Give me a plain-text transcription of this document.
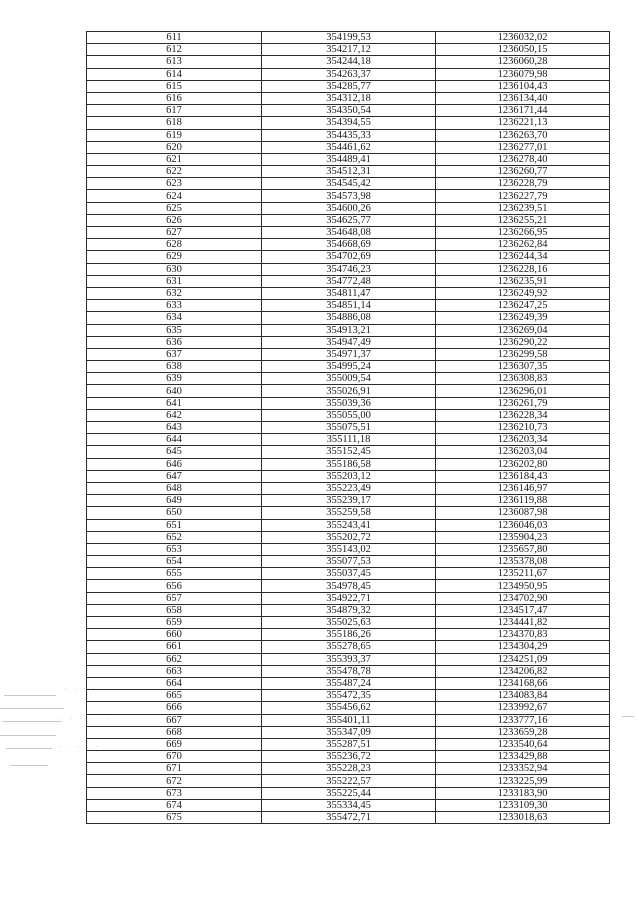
611	354199,53	1236032,02
612	354217,12	1236050,15
613	354244,18	1236060,28
614	354263,37	1236079,98
615	354285,77	1236104,43
616	354312,18	1236134,40
617	354350,54	1236171,44
618	354394,55	1236221,13
619	354435,33	1236263,70
620	354461,62	1236277,01
621	354489,41	1236278,40
622	354512,31	1236260,77
623	354545,42	1236228,79
624	354573,98	1236227,79
625	354600,26	1236239,51
626	354625,77	1236255,21
627	354648,08	1236266,95
628	354668,69	1236262,84
629	354702,69	1236244,34
630	354746,23	1236228,16
631	354772,48	1236235,91
632	354811,47	1236249,92
633	354851,14	1236247,25
634	354886,08	1236249,39
635	354913,21	1236269,04
636	354947,49	1236290,22
637	354971,37	1236299,58
638	354995,24	1236307,35
639	355009,54	1236308,83
640	355026,91	1236296,01
641	355039,36	1236261,79
642	355055,00	1236228,34
643	355075,51	1236210,73
644	355111,18	1236203,34
645	355152,45	1236203,04
646	355186,58	1236202,80
647	355203,12	1236184,43
648	355223,49	1236146,97
649	355239,17	1236119,88
650	355259,58	1236087,98
651	355243,41	1236046,03
652	355202,72	1235904,23
653	355143,02	1235657,80
654	355077,53	1235378,08
655	355037,45	1235211,67
656	354978,45	1234950,95
657	354922,71	1234702,90
658	354879,32	1234517,47
659	355025,63	1234441,82
660	355186,26	1234370,83
661	355278,65	1234304,29
662	355393,37	1234251,09
663	355478,78	1234206,82
664	355487,24	1234168,66
665	355472,35	1234083,84
666	355456,62	1233992,67
667	355401,11	1233777,16
668	355347,09	1233659,28
669	355287,51	1233540,64
670	355236,72	1233429,88
671	355228,23	1233352,94
672	355222,57	1233225,99
673	355225,44	1233183,90
674	355334,45	1233109,30
675	355472,71	1233018,63
. . . .
. . . . . .
. . . . .
